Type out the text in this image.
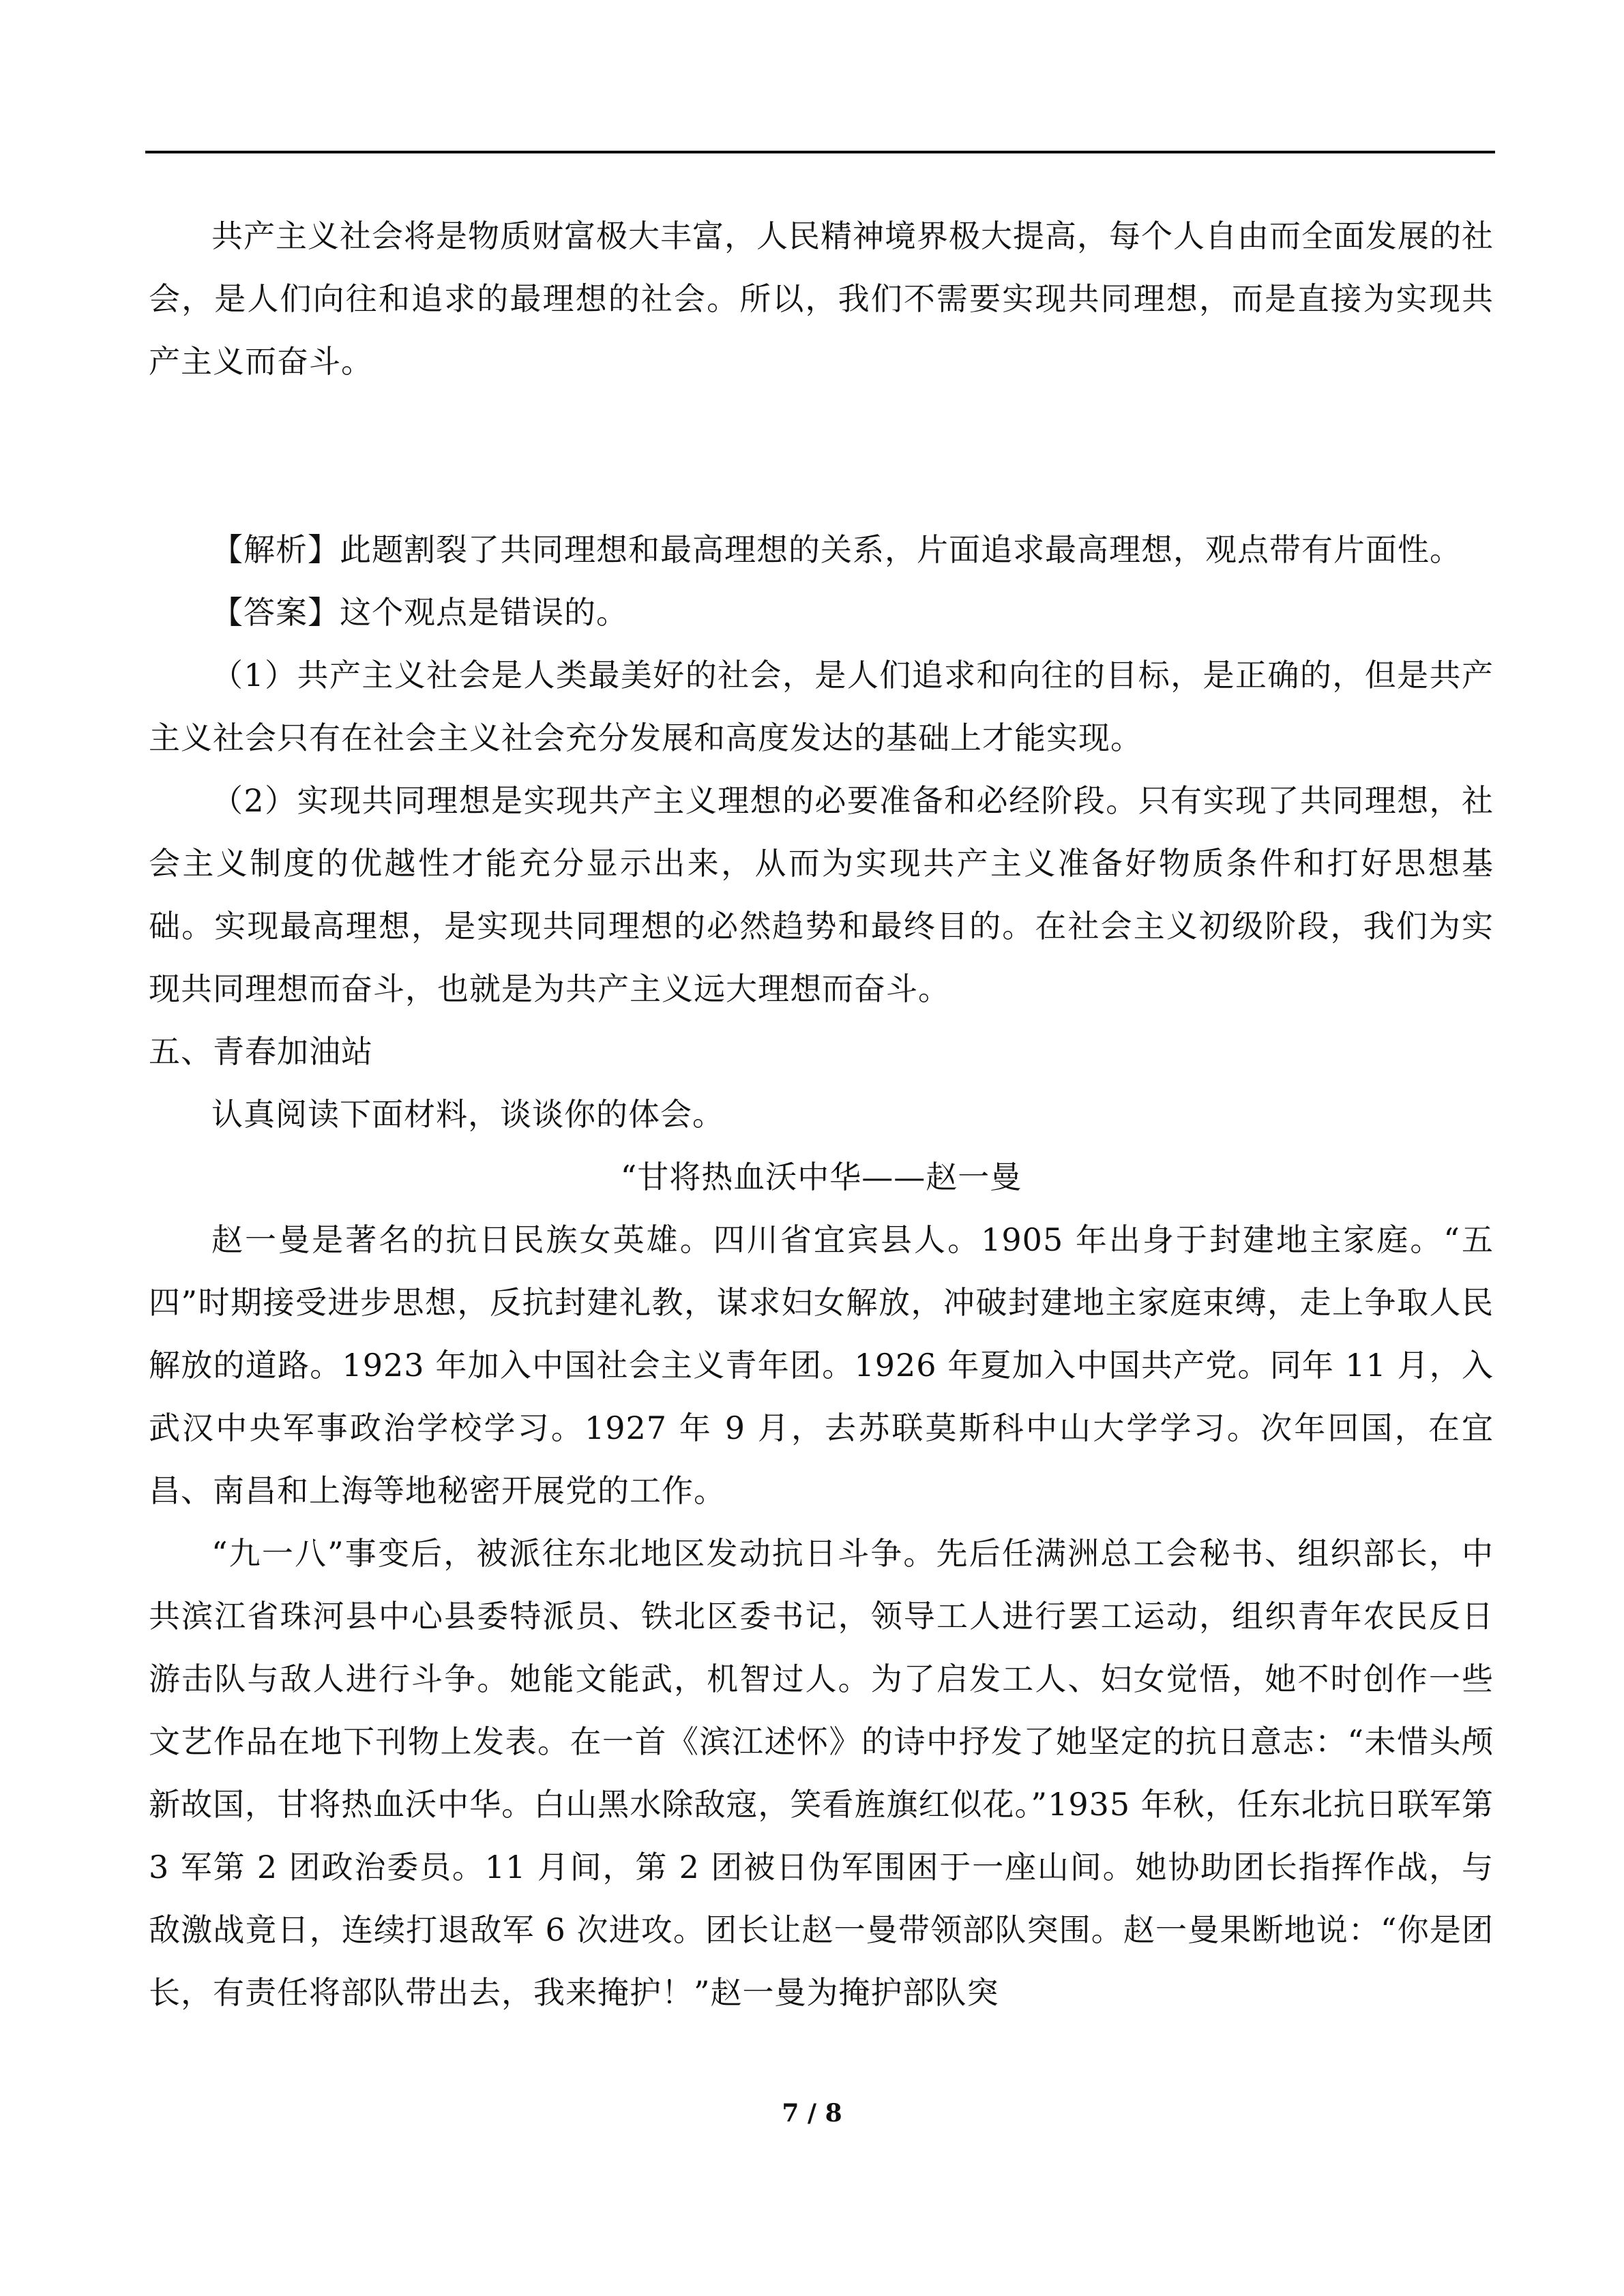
共产主义社会将是物质财富极大丰富，人民精神境界极大提高，每个人自由而全面发展的社会，是人们向往和追求的最理想的社会。所以，我们不需要实现共同理想，而是直接为实现共产主义而奋斗。

【解析】此题割裂了共同理想和最高理想的关系，片面追求最高理想，观点带有片面性。

【答案】这个观点是错误的。

（1）共产主义社会是人类最美好的社会，是人们追求和向往的目标，是正确的，但是共产主义社会只有在社会主义社会充分发展和高度发达的基础上才能实现。

（2）实现共同理想是实现共产主义理想的必要准备和必经阶段。只有实现了共同理想，社会主义制度的优越性才能充分显示出来，从而为实现共产主义准备好物质条件和打好思想基础。实现最高理想，是实现共同理想的必然趋势和最终目的。在社会主义初级阶段，我们为实现共同理想而奋斗，也就是为共产主义远大理想而奋斗。

五、青春加油站

认真阅读下面材料，谈谈你的体会。

“甘将热血沃中华——赵一曼

赵一曼是著名的抗日民族女英雄。四川省宜宾县人。1905 年出身于封建地主家庭。“五四”时期接受进步思想，反抗封建礼教，谋求妇女解放，冲破封建地主家庭束缚，走上争取人民解放的道路。1923 年加入中国社会主义青年团。1926 年夏加入中国共产党。同年 11 月，入武汉中央军事政治学校学习。1927 年 9 月，去苏联莫斯科中山大学学习。次年回国，在宜昌、南昌和上海等地秘密开展党的工作。

“九一八”事变后，被派往东北地区发动抗日斗争。先后任满洲总工会秘书、组织部长，中共滨江省珠河县中心县委特派员、铁北区委书记，领导工人进行罢工运动，组织青年农民反日游击队与敌人进行斗争。她能文能武，机智过人。为了启发工人、妇女觉悟，她不时创作一些文艺作品在地下刊物上发表。在一首《滨江述怀》的诗中抒发了她坚定的抗日意志：“未惜头颅新故国，甘将热血沃中华。白山黑水除敌寇，笑看旌旗红似花。”1935 年秋，任东北抗日联军第 3 军第 2 团政治委员。11 月间，第 2 团被日伪军围困于一座山间。她协助团长指挥作战，与敌激战竟日，连续打退敌军 6 次进攻。团长让赵一曼带领部队突围。赵一曼果断地说：“你是团长，有责任将部队带出去，我来掩护！”赵一曼为掩护部队突

7 / 8
